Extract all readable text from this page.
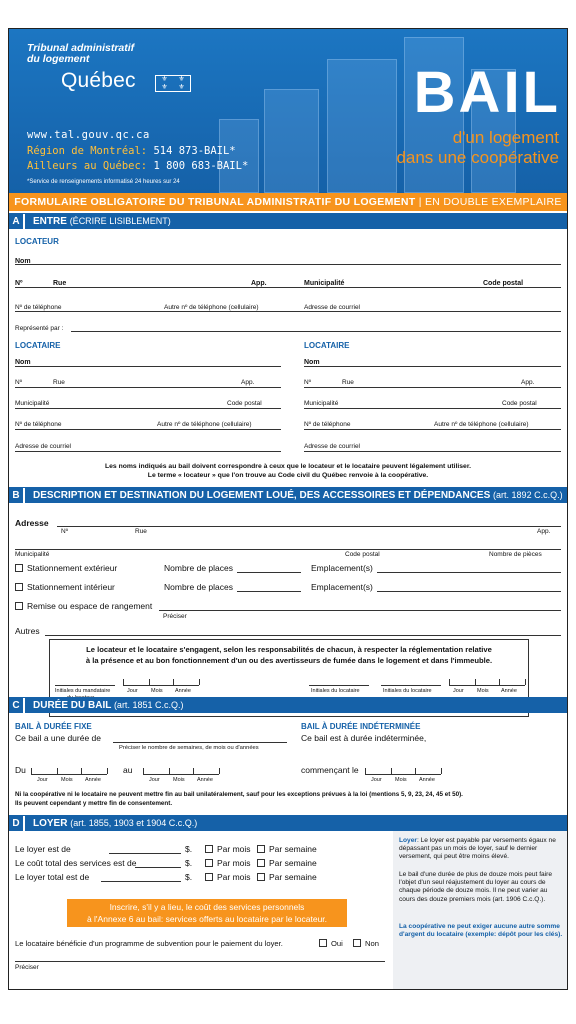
Tribunal administratif
du logement
Québec	⚜	⚜
⚜	⚜
www.tal.gouv.qc.ca
Région de Montréal: 514 873-BAIL*
Ailleurs au Québec: 1 800 683-BAIL*
*Service de renseignements informatisé 24 heures sur 24
BAIL
d'un logement
dans une coopérative
FORMULAIRE OBLIGATOIRE DU TRIBUNAL ADMINISTRATIF DU LOGEMENT | EN DOUBLE EXEMPLAIRE
A ENTRE (ÉCRIRE LISIBLEMENT)
LOCATEUR
Nom
Nº	Rue	App.	Municipalité	Code postal
Nº de téléphone	Autre nº de téléphone (cellulaire)	Adresse de courriel
Représenté par :
LOCATAIRE	LOCATAIRE
Nom	Nom
Nº	Rue	App.	Nº	Rue	App.
Municipalité	Code postal	Municipalité	Code postal
Nº de téléphone	Autre nº de téléphone (cellulaire)	Nº de téléphone	Autre nº de téléphone (cellulaire)
Adresse de courriel	Adresse de courriel
Les noms indiqués au bail doivent correspondre à ceux que le locateur et le locataire peuvent légalement utiliser.
Le terme « locateur » que l'on trouve au Code civil du Québec renvoie à la coopérative.
B DESCRIPTION ET DESTINATION DU LOGEMENT LOUÉ, DES ACCESSOIRES ET DÉPENDANCES (art. 1892 C.c.Q.)
Adresse
Nº	Rue	App.
Municipalité	Code postal	Nombre de pièces
Stationnement extérieur	Nombre de places	Emplacement(s)
Stationnement intérieur	Nombre de places	Emplacement(s)
Remise ou espace de rangement
Préciser
Autres
Le locateur et le locataire s'engagent, selon les responsabilités de chacun, à respecter la réglementation relative
à la présence et au bon fonctionnement d'un ou des avertisseurs de fumée dans le logement et dans l'immeuble.
Initiales du mandataire	Jour Mois Année	Initiales du locataire	Initiales du locataire	Jour Mois Année
C DURÉE DU BAIL (art. 1851 C.c.Q.)
BAIL À DURÉE FIXE
Ce bail a une durée de
Préciser le nombre de semaines, de mois ou d'années
Du
Jour Mois Année
au
Jour Mois Année
BAIL À DURÉE INDÉTERMINÉE
Ce bail est à durée indéterminée,
commençant le
Jour Mois Année
Ni la coopérative ni le locataire ne peuvent mettre fin au bail unilatéralement, sauf pour les exceptions prévues à la loi (mentions 5, 9, 23, 24, 45 et 50).
Ils peuvent cependant y mettre fin de consentement.
D LOYER (art. 1855, 1903 et 1904 C.c.Q.)
Loyer: Le loyer est payable par versements égaux ne dépassant pas un mois de loyer, sauf le dernier versement, qui peut être moins élevé.
Le bail d'une durée de plus de douze mois peut faire l'objet d'un seul réajustement du loyer au cours de chaque période de douze mois. Il ne peut varier au cours des douze premiers mois (art. 1906 C.c.Q.).
La coopérative ne peut exiger aucune autre somme d'argent du locataire (exemple: dépôt pour les clés).
Le loyer est de	$.	Par mois	Par semaine
Le coût total des services est de	$.	Par mois	Par semaine
Le loyer total est de	$.	Par mois	Par semaine
Inscrire, s'il y a lieu, le coût des services personnels
à l'Annexe 6 au bail: services offerts au locataire par le locateur.
Le locataire bénéficie d'un programme de subvention pour le paiement du loyer.	Oui	Non
Préciser
